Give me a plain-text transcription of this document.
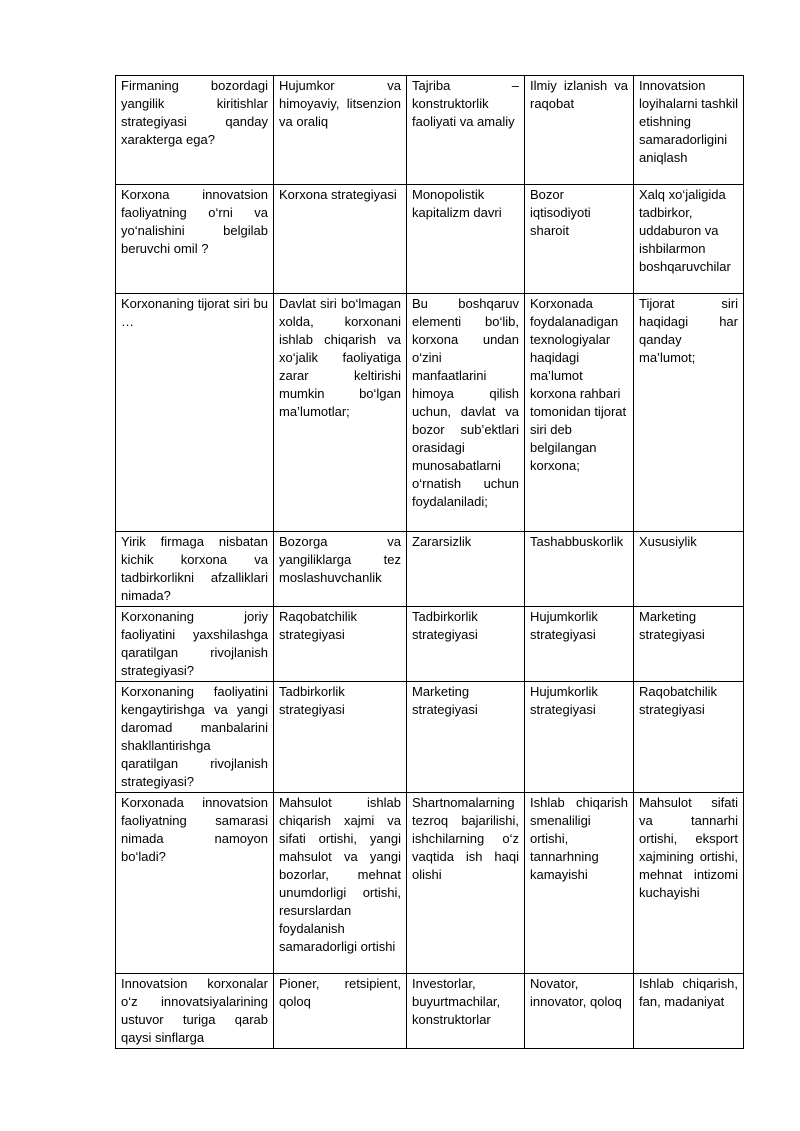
Firmaning bozordagi yangilik kiritishlar strategiyasi qanday xarakterga ega?	Hujumkor va himoyaviy, litsenzion va oraliq	Tajriba – konstruktorlik faoliyati va amaliy	Ilmiy izlanish va raqobat	Innovatsion loyihalarni tashkil etishning samaradorligini aniqlash

Korxona innovatsion faoliyatning o‘rni va yo‘nalishini belgilab beruvchi omil ?	Korxona strategiyasi	Monopolistik kapitalizm davri	Bozor iqtisodiyoti sharoit	Xalq xo‘jaligida tadbirkor, uddaburon va ishbilarmon boshqaruvchilar

Korxonaning tijorat siri bu …	Davlat siri bo‘lmagan xolda, korxonani ishlab chiqarish va xo‘jalik faoliyatiga zarar keltirishi mumkin bo‘lgan ma’lumotlar;	Bu boshqaruv elementi bo‘lib, korxona undan o‘zini manfaatlarini himoya qilish uchun, davlat va bozor sub’ektlari orasidagi munosabatlarni o‘rnatish uchun foydalaniladi;	Korxonada foydalanadigan texnologiyalar haqidagi ma’lumot korxona rahbari tomonidan tijorat siri deb belgilangan korxona;	Tijorat siri haqidagi har qanday ma’lumot;

Yirik firmaga nisbatan kichik korxona va tadbirkorliknі afzalliklari nimada?	Bozorga va yangiliklarga tez moslashuvchanlik	Zararsizlik	Tashabbuskorlik	Xususiylik

Korxonaning joriy faoliyatini yaxshilashga qaratilgan rivojlanish strategiyasi?	Raqobatchilik strategiyasi	Tadbirkorlik strategiyasi	Hujumkorlik strategiyasi	Marketing strategiyasi

Korxonaning faoliyatini kengaytirishga va yangi daromad manbalarini shakllantirishga qaratilgan rivojlanish strategiyasi?	Tadbirkorlik strategiyasi	Marketing strategiyasi	Hujumkorlik strategiyasi	Raqobatchilik strategiyasi

Korxonada innovatsion faoliyatning samarasi nimada namoyon bo‘ladi?	Mahsulot ishlab chiqarish xajmi va sifati ortishi, yangi mahsulot va yangi bozorlar, mehnat unumdorligi ortishi, resurslardan foydalanish samaradorligi ortishi	Shartnomalarning tezroq bajarilishi, ishchilarning o‘z vaqtida ish haqi olishi	Ishlab chiqarish smenaliligi ortishi, tannarhning kamayishi	Mahsulot sifati va tannarhi ortishi, eksport xajmining ortishi, mehnat intizomi kuchayishi

Innovatsion korxonalar o‘z innovatsiyalarining ustuvor turiga qarab qaysi sinflarga	Pioner, retsipient, qoloq	Investorlar, buyurtmachilar, konstruktorlar	Novator, innovator, qoloq	Ishlab chiqarish, fan, madaniyat
